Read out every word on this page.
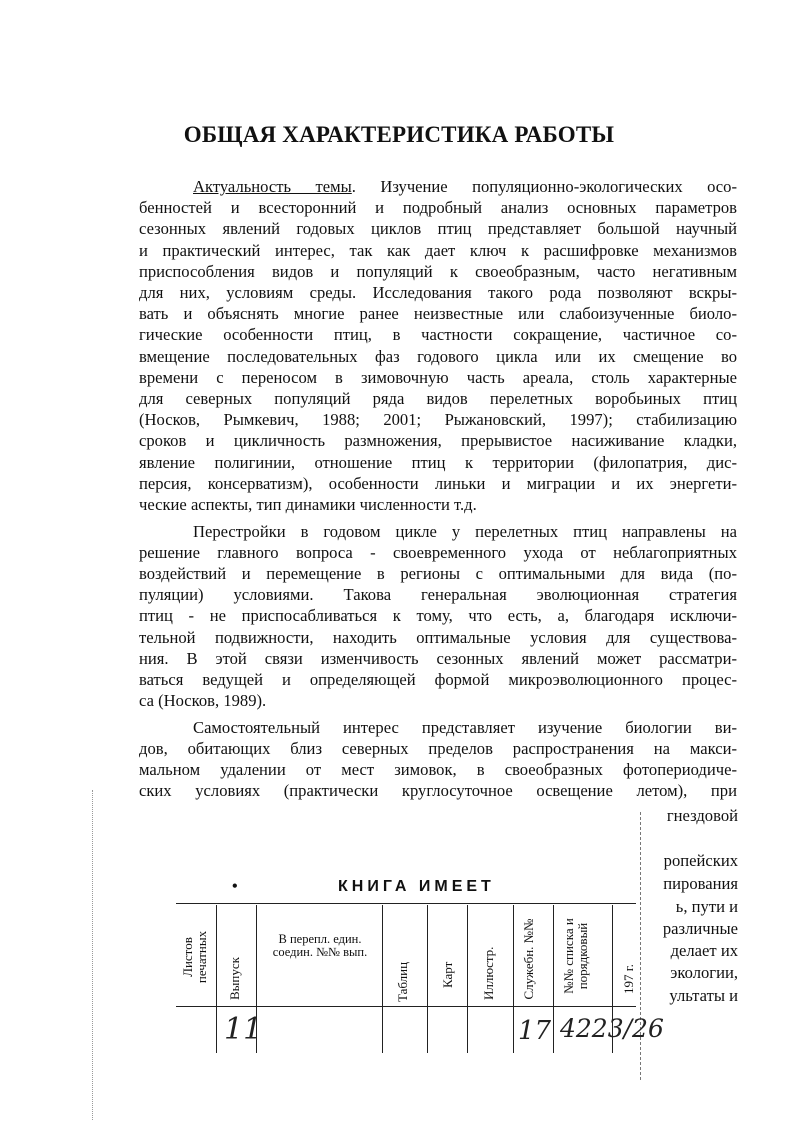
ОБЩАЯ ХАРАКТЕРИСТИКА РАБОТЫ
Актуальность темы. Изучение популяционно-экологических осо-
бенностей и всесторонний и подробный анализ основных параметров
сезонных явлений годовых циклов птиц представляет большой научный
и практический интерес, так как дает ключ к расшифровке механизмов
приспособления видов и популяций к своеобразным, часто негативным
для них, условиям среды. Исследования такого рода позволяют вскры-
вать и объяснять многие ранее неизвестные или слабоизученные биоло-
гические особенности птиц, в частности сокращение, частичное со-
вмещение последовательных фаз годового цикла или их смещение во
времени с переносом в зимовочную часть ареала, столь характерные
для северных популяций ряда видов перелетных воробьиных птиц
(Носков, Рымкевич, 1988; 2001; Рыжановский, 1997); стабилизацию
сроков и цикличность размножения, прерывистое насиживание кладки,
явление полигинии, отношение птиц к территории (филопатрия, дис-
персия, консерватизм), особенности линьки и миграции и их энергети-
ческие аспекты, тип динамики численности т.д.
Перестройки в годовом цикле у перелетных птиц направлены на
решение главного вопроса - своевременного ухода от неблагоприятных
воздействий и перемещение в регионы с оптимальными для вида (по-
пуляции) условиями. Такова генеральная эволюционная стратегия
птиц - не приспосабливаться к тому, что есть, а, благодаря исключи-
тельной подвижности, находить оптимальные условия для существова-
ния. В этой связи изменчивость сезонных явлений может рассматри-
ваться ведущей и определяющей формой микроэволюционного процес-
са (Носков, 1989).
Самостоятельный интерес представляет изучение биологии ви-
дов, обитающих близ северных пределов распространения на макси-
мальном удалении от мест зимовок, в своеобразных фотопериодиче-
ских условиях (практически круглосуточное освещение летом), при
гнездовой
ропейских
пирования
ь, пути и
различные
делает их
экологии,
ультаты и
•	КНИГА ИМЕЕТ
Листов печатных Выпуск
В перепл. един. соедин. №№ вып.
Таблиц Карт Иллюстр. Служебн. №№ №№ списка и порядковый 197 г.
11	17 4223/26
